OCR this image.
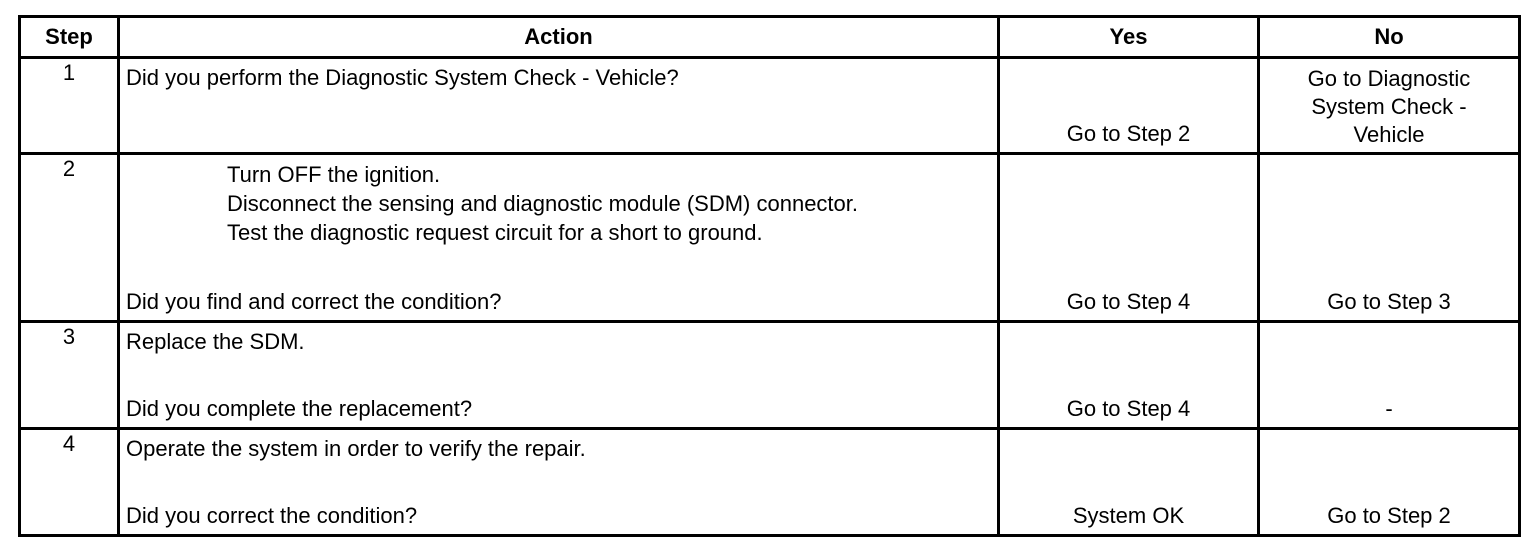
Step	Action	Yes	No
1	Did you perform the Diagnostic System Check - Vehicle?	Go to Step 2	Go to Diagnostic System Check - Vehicle

2	Turn OFF the ignition.
Disconnect the sensing and diagnostic module (SDM) connector.
Test the diagnostic request circuit for a short to ground.
Did you find and correct the condition?	Go to Step 4	Go to Step 3

3	Replace the SDM.
Did you complete the replacement?	Go to Step 4	-

4	Operate the system in order to verify the repair.
Did you correct the condition?	System OK	Go to Step 2
